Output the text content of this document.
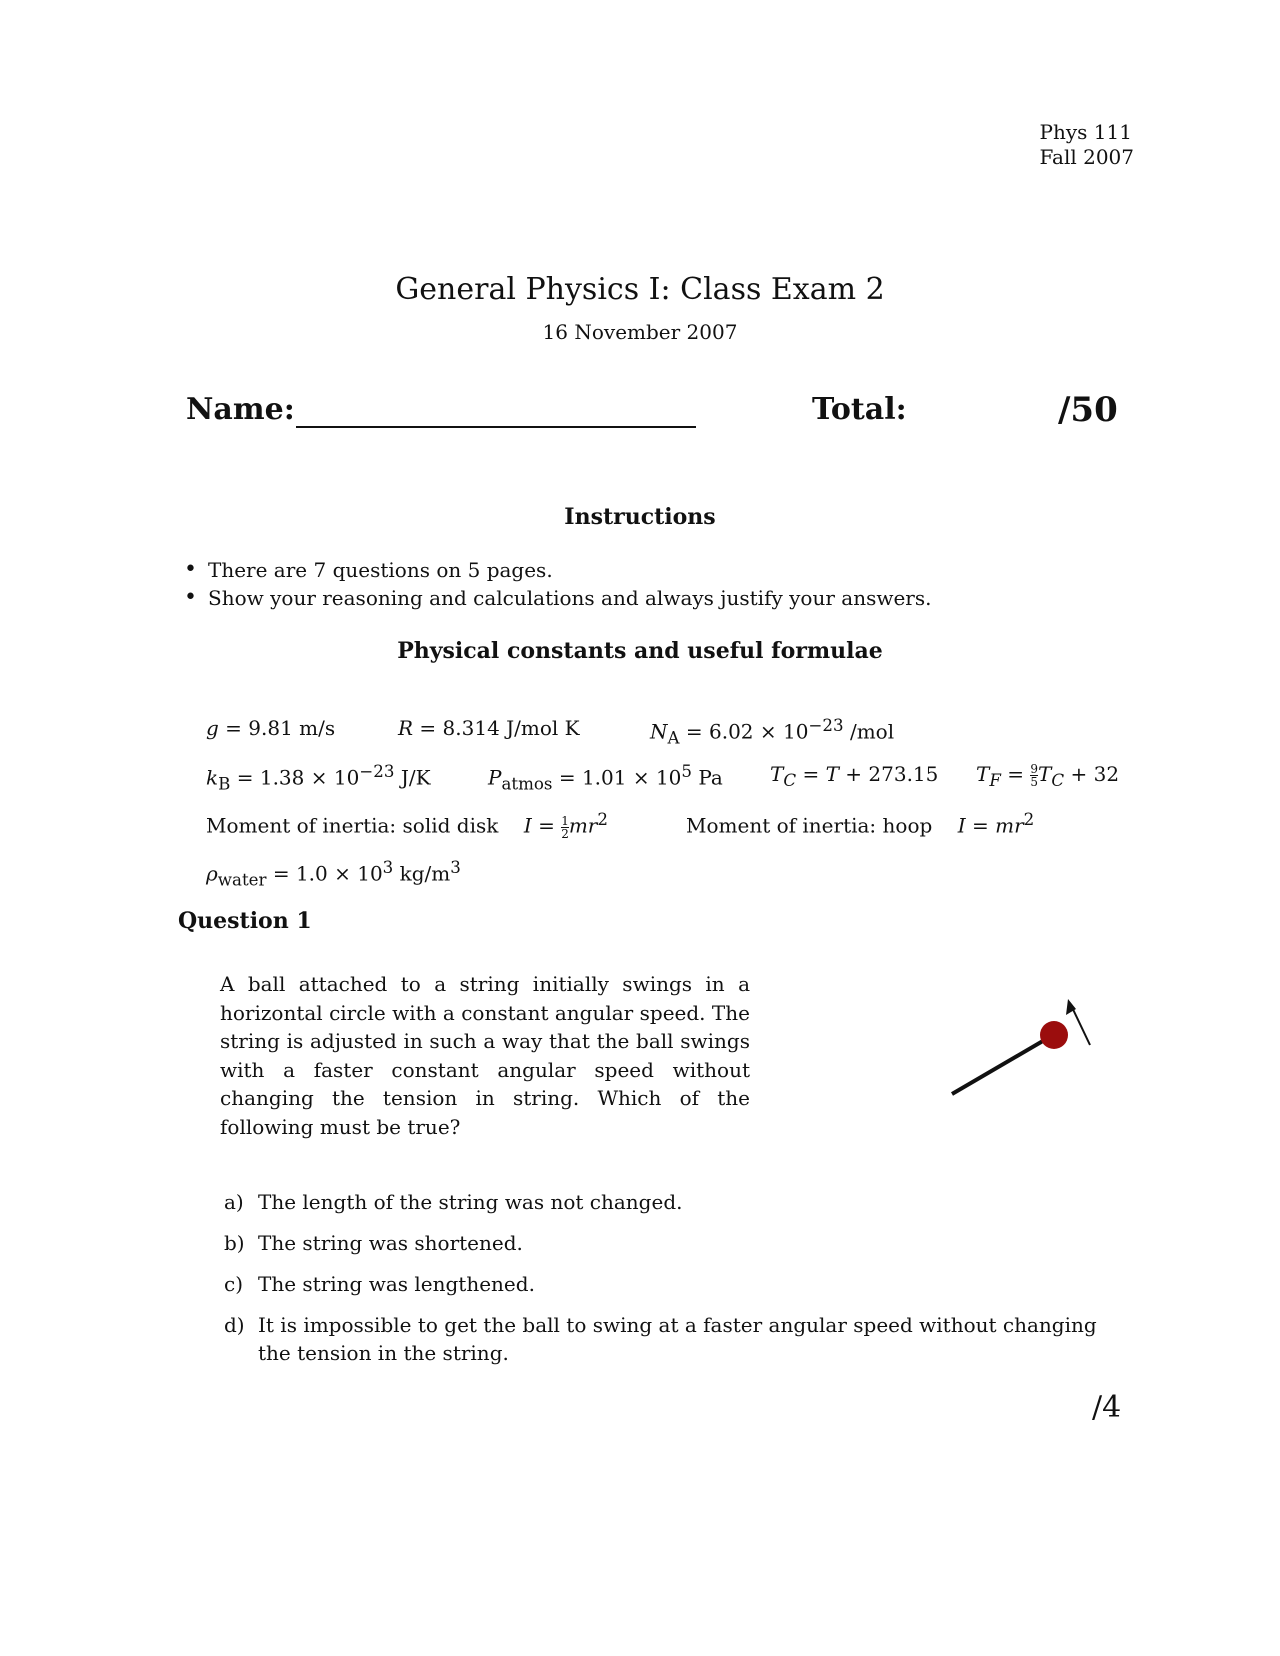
Phys 111
Fall 2007
General Physics I: Class Exam 2
16 November 2007
Name:	Total:	/50
Instructions
• There are 7 questions on 5 pages.
• Show your reasoning and calculations and always justify your answers.
Physical constants and useful formulae
g = 9.81 m/s	R = 8.314 J/mol K	$N_A = 6.02 \times 10^{-23}$ /mol
$k_B = 1.38 \times 10^{-23}$ J/K	$P_{atmos} = 1.01 \times 10^5$ Pa $T_C = T + 273.15$ $T_F = \frac{9}{5} T_C + 32$
Moment of inertia: solid disk $I = \frac{1}{2} mr^2$	Moment of inertia: hoop $I = mr^2$
$\rho_{water} = 1.0 \times 10^3$ $kg/m^3$
Question 1
A ball attached to a string initially swings in a horizontal circle with a constant angular speed. The string is adjusted in such a way that the ball swings with a faster constant angular speed without changing the tension in string. Which of the following must be true?
a) The length of the string was not changed.
b) The string was shortened.
c) The string was lengthened.
d) It is impossible to get the ball to swing at a faster angular speed without changing the tension in the string.
/4
